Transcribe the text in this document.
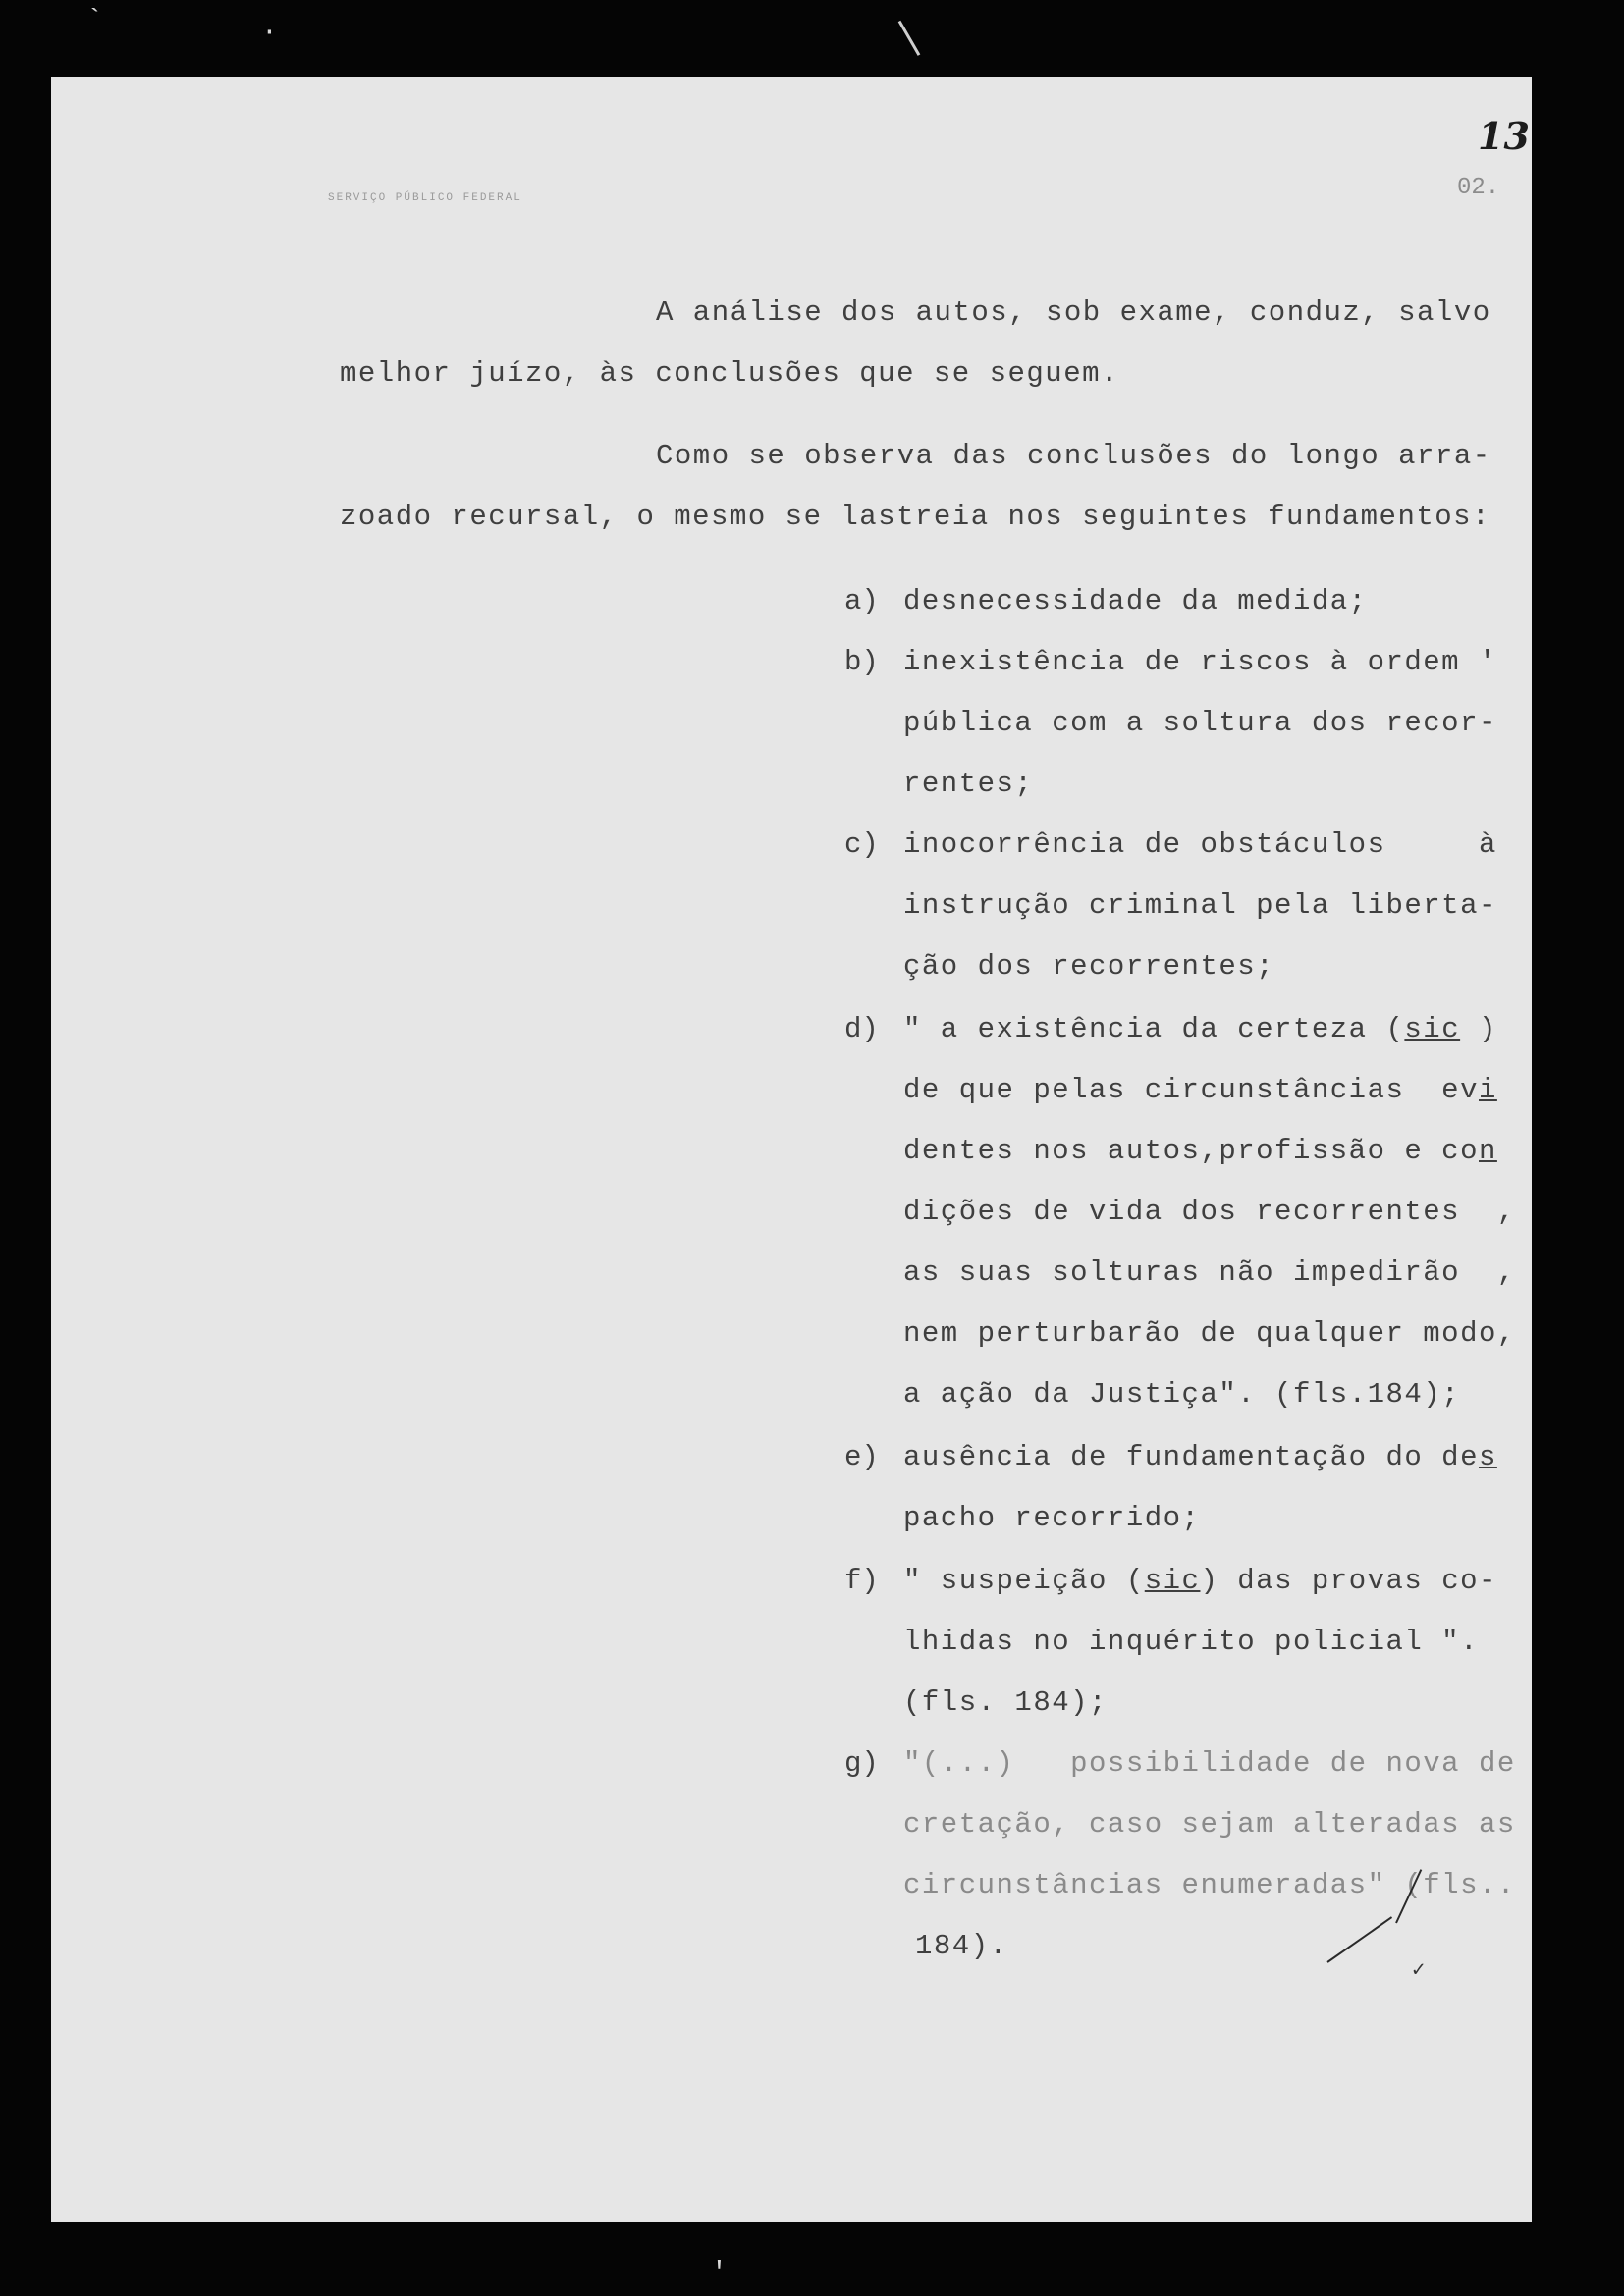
SERVIÇO PÚBLICO FEDERAL
13
02.
A análise dos autos, sob exame, conduz, salvo
melhor juízo, às conclusões que se seguem.
Como se observa das conclusões do longo arra-
zoado recursal, o mesmo se lastreia nos seguintes fundamentos:
a) desnecessidade da medida;
b) inexistência de riscos à ordem '
pública com a soltura dos recor-
rentes;
c) inocorrência de obstáculos     à
instrução criminal pela liberta-
ção dos recorrentes;
d) " a existência da certeza (sic )
de que pelas circunstâncias  evi
dentes nos autos,profissão e con
dições de vida dos recorrentes  ,
as suas solturas não impedirão  ,
nem perturbarão de qualquer modo,
a ação da Justiça". (fls.184);
e) ausência de fundamentação do des
pacho recorrido;
f) " suspeição (sic) das provas co-
lhidas no inquérito policial ".
(fls. 184);
g) "(...)   possibilidade de nova de
cretação, caso sejam alteradas as
circunstâncias enumeradas" (fls..
184).
✓
`	·
'
